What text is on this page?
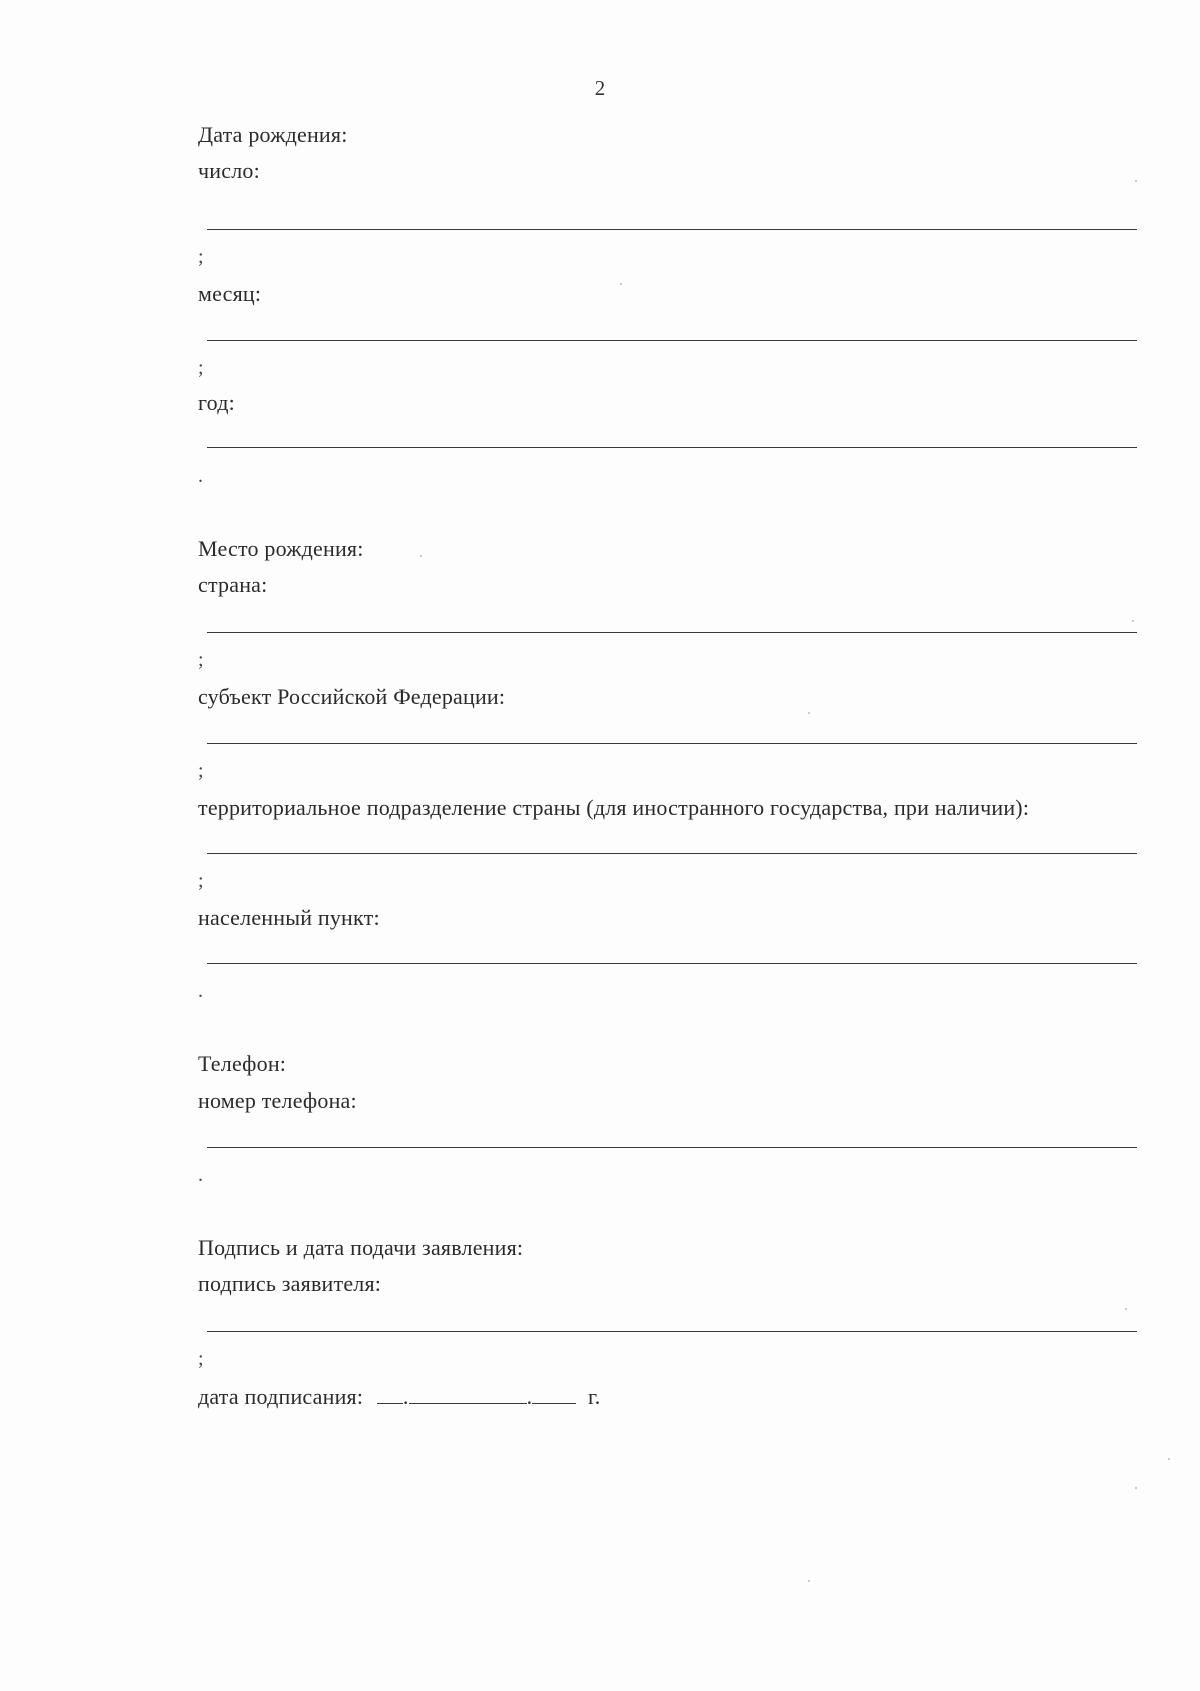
2
Дата рождения:
число:
;
месяц:
;
год:
.
Место рождения:
страна:
;
субъект Российской Федерации:
;
территориальное подразделение страны (для иностранного государства, при наличии):
;
населенный пункт:
.
Телефон:
номер телефона:
.
Подпись и дата подачи заявления:
подпись заявителя:
;
дата подписания: .	.	г.
